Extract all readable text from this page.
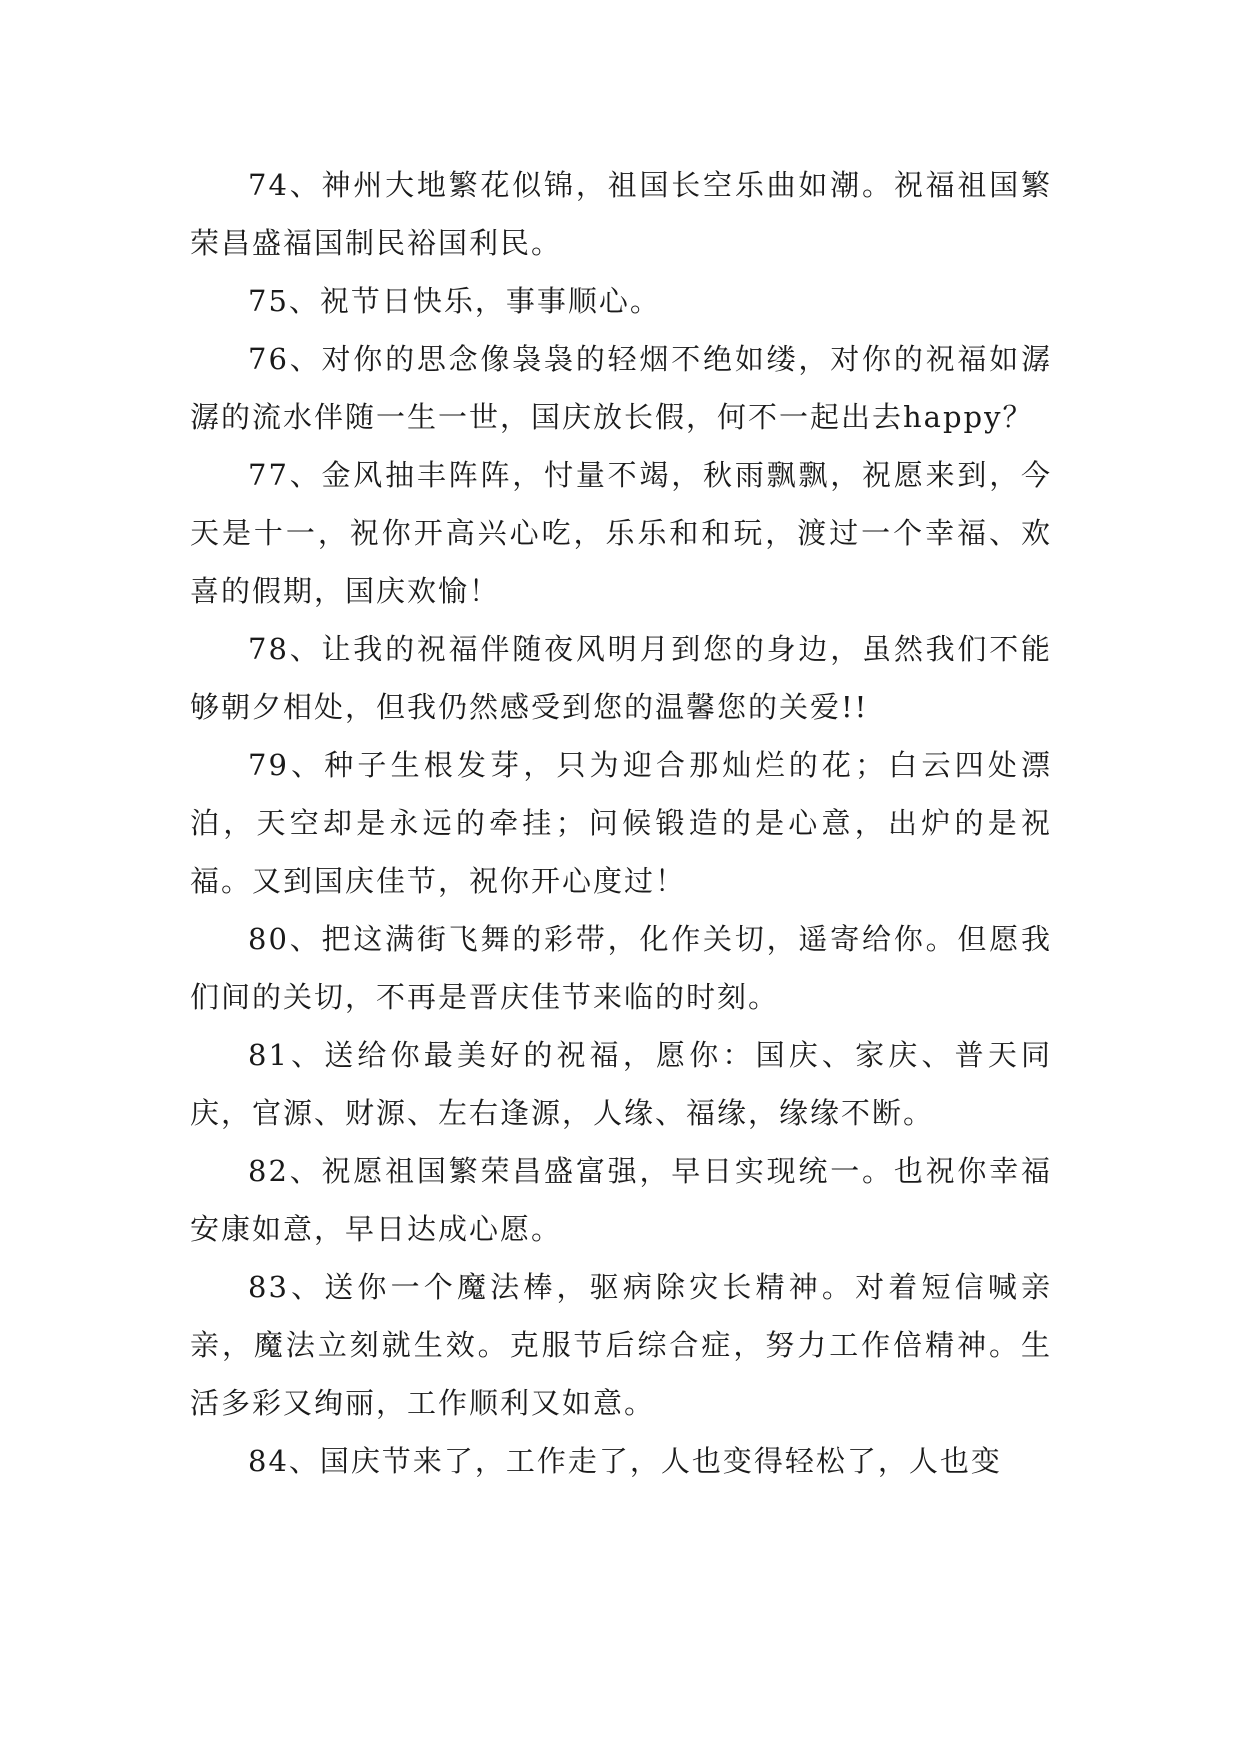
74、神州大地繁花似锦，祖国长空乐曲如潮。祝福祖国繁荣昌盛福国制民裕国利民。

75、祝节日快乐，事事顺心。

76、对你的思念像袅袅的轻烟不绝如缕，对你的祝福如潺潺的流水伴随一生一世，国庆放长假，何不一起出去happy？

77、金风抽丰阵阵，忖量不竭，秋雨飘飘，祝愿来到，今天是十一，祝你开高兴心吃，乐乐和和玩，渡过一个幸福、欢喜的假期，国庆欢愉！

78、让我的祝福伴随夜风明月到您的身边，虽然我们不能够朝夕相处，但我仍然感受到您的温馨您的关爱!!

79、种子生根发芽，只为迎合那灿烂的花；白云四处漂泊，天空却是永远的牵挂；问候锻造的是心意，出炉的是祝福。又到国庆佳节，祝你开心度过！

80、把这满街飞舞的彩带，化作关切，遥寄给你。但愿我们间的关切，不再是晋庆佳节来临的时刻。

81、送给你最美好的祝福，愿你：国庆、家庆、普天同庆，官源、财源、左右逢源，人缘、福缘，缘缘不断。

82、祝愿祖国繁荣昌盛富强，早日实现统一。也祝你幸福安康如意，早日达成心愿。

83、送你一个魔法棒，驱病除灾长精神。对着短信喊亲亲，魔法立刻就生效。克服节后综合症，努力工作倍精神。生活多彩又绚丽，工作顺利又如意。

84、国庆节来了，工作走了，人也变得轻松了，人也变
